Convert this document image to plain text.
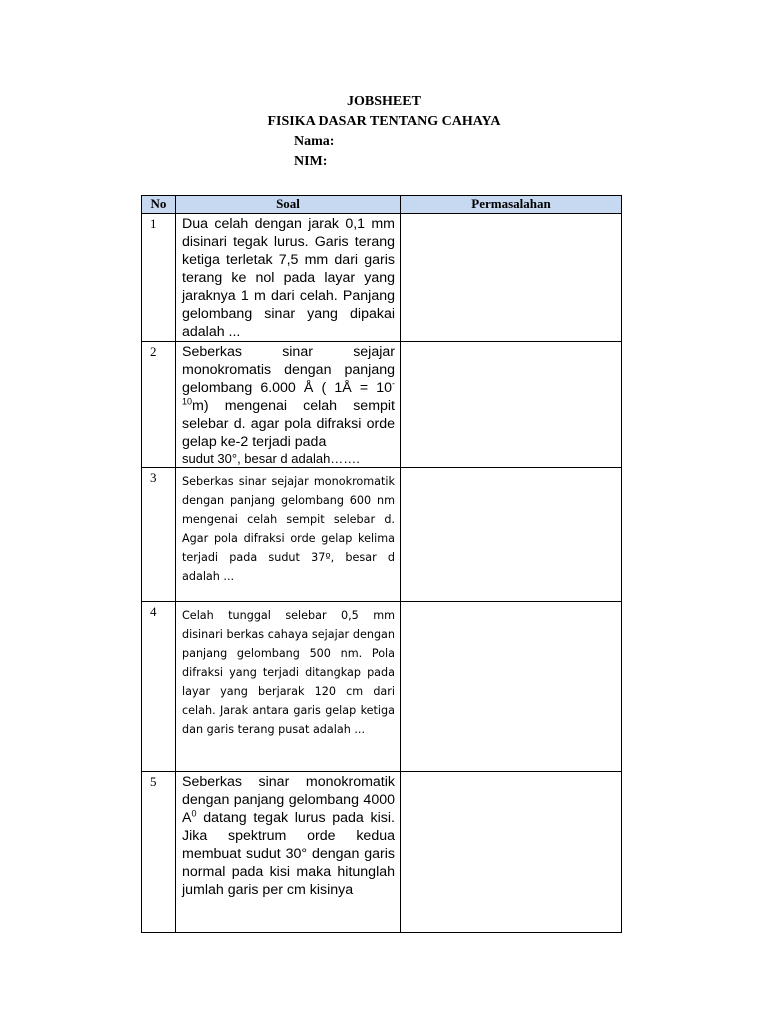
JOBSHEET
FISIKA DASAR TENTANG CAHAYA
Nama:
NIM:
No	Soal	Permasalahan
1	Dua celah dengan jarak 0,1 mm disinari tegak lurus. Garis terang ketiga terletak 7,5 mm dari garis terang ke nol pada layar yang jaraknya 1 m dari celah. Panjang gelombang sinar yang dipakai adalah ...	
2	Seberkas sinar sejajar monokromatis dengan panjang gelombang 6.000 Å ( 1Å = $10^{-10}m$) mengenai celah sempit selebar d. agar pola difraksi orde gelap ke-2 terjadi pada
sudut 30°, besar d adalah…….	

3	Seberkas sinar sejajar monokromatik dengan panjang gelombang 600 nm mengenai celah sempit selebar d. Agar pola difraksi orde gelap kelima terjadi pada sudut 37º, besar d adalah ...	
4	Celah tunggal selebar 0,5 mm disinari berkas cahaya sejajar dengan panjang gelombang 500 nm. Pola difraksi yang terjadi ditangkap pada layar yang berjarak 120 cm dari celah. Jarak antara garis gelap ketiga dan garis terang pusat adalah ...	
5	Seberkas sinar monokromatik dengan panjang gelombang 4000 $A^0$ datang tegak lurus pada kisi. Jika spektrum orde kedua membuat sudut 30° dengan garis normal pada kisi maka hitunglah jumlah garis per cm kisinya	
